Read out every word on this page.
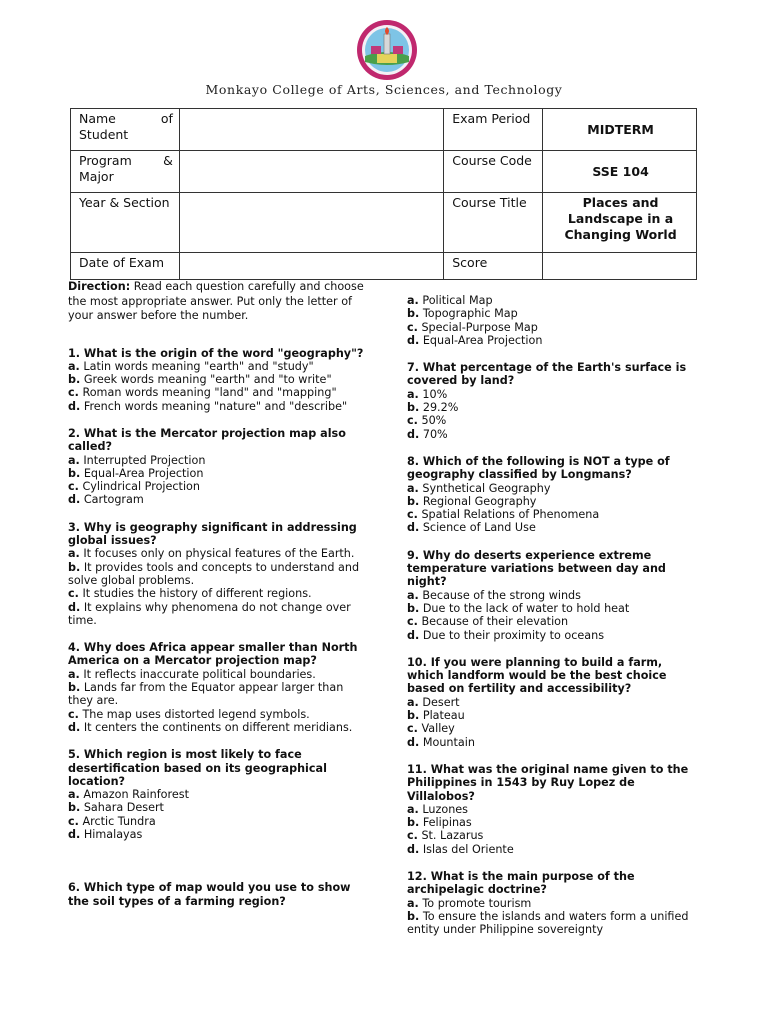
Monkayo College of Arts, Sciences, and Technology
Name of Student		Exam Period	MIDTERM
Program & Major		Course Code	SSE 104
Year & Section		Course Title	Places and Landscape in a Changing World
Date of Exam		Score	

Direction: Read each question carefully and choose the most appropriate answer. Put only the letter of your answer before the number.

1. What is the origin of the word "geography"?
a. Latin words meaning "earth" and "study"
b. Greek words meaning "earth" and "to write"
c. Roman words meaning "land" and "mapping"
d. French words meaning "nature" and "describe"
2. What is the Mercator projection map also called?
a. Interrupted Projection
b. Equal-Area Projection
c. Cylindrical Projection
d. Cartogram
3. Why is geography significant in addressing global issues?
a. It focuses only on physical features of the Earth.
b. It provides tools and concepts to understand and solve global problems.
c. It studies the history of different regions.
d. It explains why phenomena do not change over time.
4. Why does Africa appear smaller than North America on a Mercator projection map?
a. It reflects inaccurate political boundaries.
b. Lands far from the Equator appear larger than they are.
c. The map uses distorted legend symbols.
d. It centers the continents on different meridians.
5. Which region is most likely to face desertification based on its geographical location?
a. Amazon Rainforest
b. Sahara Desert
c. Arctic Tundra
d. Himalayas
6. Which type of map would you use to show the soil types of a farming region?
a. Political Map
b. Topographic Map
c. Special-Purpose Map
d. Equal-Area Projection
7. What percentage of the Earth's surface is covered by land?
a. 10%
b. 29.2%
c. 50%
d. 70%
8. Which of the following is NOT a type of geography classified by Longmans?
a. Synthetical Geography
b. Regional Geography
c. Spatial Relations of Phenomena
d. Science of Land Use
9. Why do deserts experience extreme temperature variations between day and night?
a. Because of the strong winds
b. Due to the lack of water to hold heat
c. Because of their elevation
d. Due to their proximity to oceans
10. If you were planning to build a farm, which landform would be the best choice based on fertility and accessibility?
a. Desert
b. Plateau
c. Valley
d. Mountain
11. What was the original name given to the Philippines in 1543 by Ruy Lopez de Villalobos?
a. Luzones
b. Felipinas
c. St. Lazarus
d. Islas del Oriente
12. What is the main purpose of the archipelagic doctrine?
a. To promote tourism
b. To ensure the islands and waters form a unified entity under Philippine sovereignty
